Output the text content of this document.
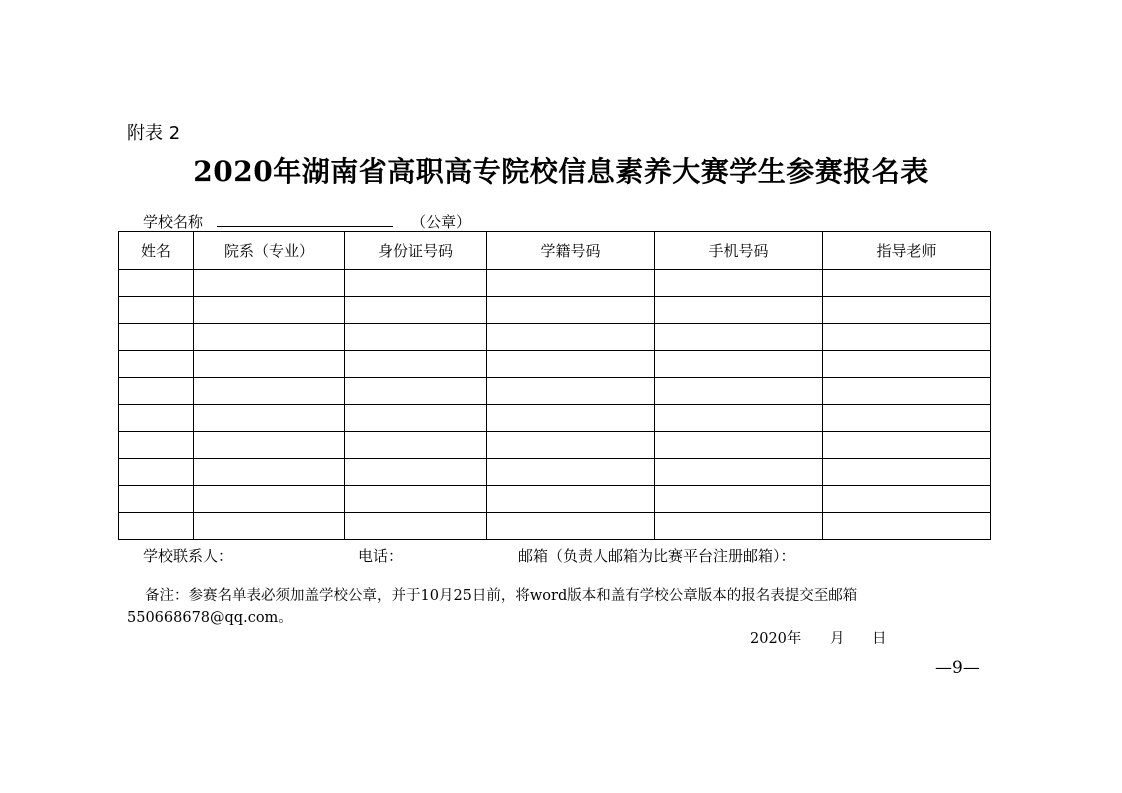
附表 2
2020年湖南省高职高专院校信息素养大赛学生参赛报名表
学校名称	（公章）
姓名	院系（专业）	身份证号码	学籍号码	手机号码	指导老师

学校联系人：	电话：	邮箱（负责人邮箱为比赛平台注册邮箱）：
备注：参赛名单表必须加盖学校公章，并于10月25日前，将word版本和盖有学校公章版本的报名表提交至邮箱550668678@qq.com。
2020年 月 日
—9—
